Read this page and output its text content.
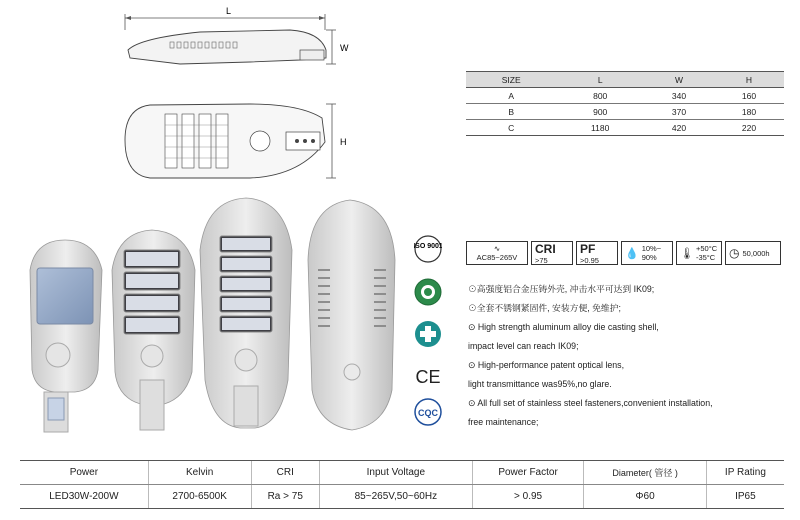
L
W
H
SIZE	L	W	H
A	800	340	160
B	900	370	180
C	1180	420	220
ISO 9001
CE
CQC
∿
AC85~265V
CRI
>75
PF
>0.95
💧 10%~ 90%	🌡 +50°C
-35°C ◷ 50,000h
⊙高强度铝合金压铸外壳, 冲击水平可达到 IK09;
⊙全套不锈钢紧固件, 安装方便, 免维护;
⊙ High strength aluminum alloy die casting shell,
impact level can reach IK09;
⊙ High-performance patent optical lens,
light transmittance was95%,no glare.
⊙ All full set of stainless steel fasteners,convenient installation,
free maintenance;
Power	Kelvin	CRI	Input Voltage	Power Factor	Diameter( 管径 )	IP Rating
LED30W-200W	2700-6500K	Ra > 75	85~265V,50~60Hz	> 0.95	Φ60	IP65
